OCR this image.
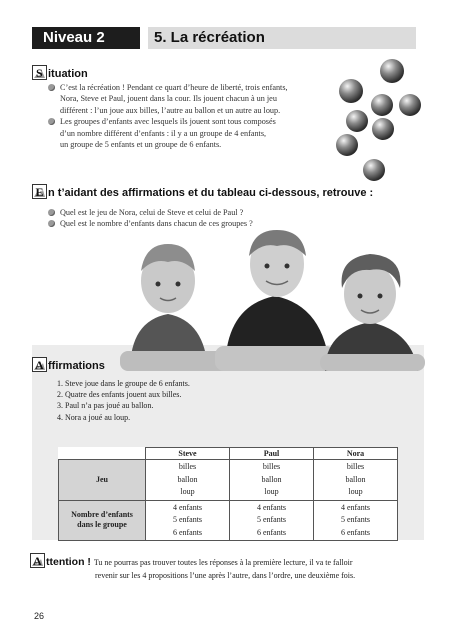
Niveau 2	5. La récréation
S ituation
C’est la récréation ! Pendant ce quart d’heure de liberté, trois enfants,
Nora, Steve et Paul, jouent dans la cour. Ils jouent chacun à un jeu
différent : l’un joue aux billes, l’autre au ballon et un autre au loup.
Les groupes d’enfants avec lesquels ils jouent sont tous composés
d’un nombre différent d’enfants : il y a un groupe de 4 enfants,
un groupe de 5 enfants et un groupe de 6 enfants.
E n t’aidant des affirmations et du tableau ci-dessous, retrouve :
Quel est le jeu de Nora, celui de Steve et celui de Paul ?
Quel est le nombre d’enfants dans chacun de ces groupes ?
A ffirmations
1. Steve joue dans le groupe de 6 enfants.
2. Quatre des enfants jouent aux billes.
3. Paul n’a pas joué au ballon.
4. Nora a joué au loup.
	Steve	Paul	Nora
Jeu	billes
ballon
loup	billes
ballon
loup	billes
ballon
loup

Nombre d’enfants dans le groupe	4 enfants
5 enfants
6 enfants	4 enfants
5 enfants
6 enfants	4 enfants
5 enfants
6 enfants
A ttention ! Tu ne pourras pas trouver toutes les réponses à la première lecture, il va te falloir
revenir sur les 4 propositions l’une après l’autre, dans l’ordre, une deuxième fois.
26
